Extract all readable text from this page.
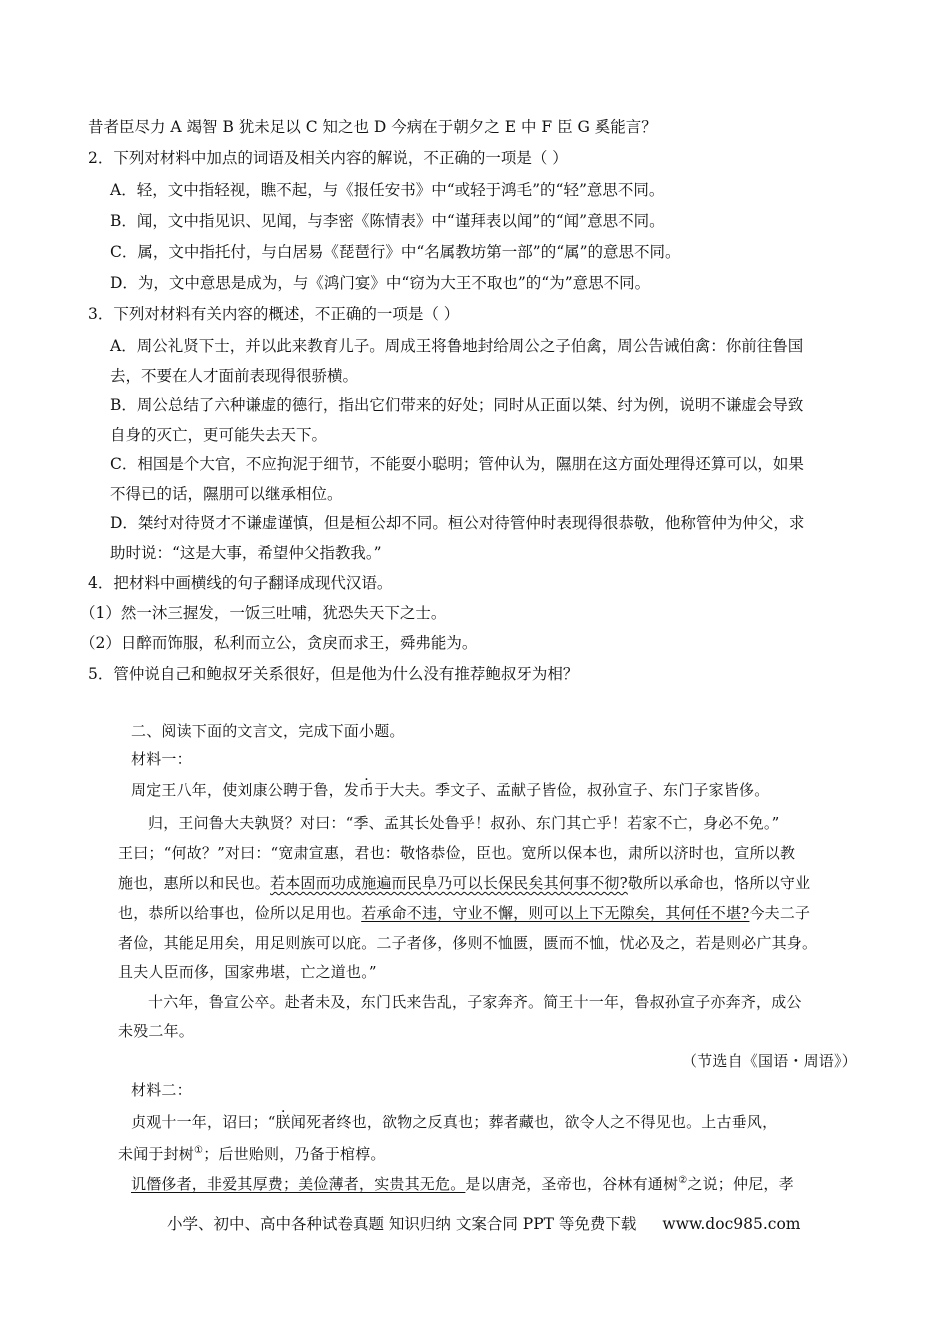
昔者臣尽力 A 竭智 B 犹未足以 C 知之也 D 今病在于朝夕之 E 中 F 臣 G 奚能言？
2．下列对材料中加点的词语及相关内容的解说，不正确的一项是（ ）
A．轻，文中指轻视，瞧不起，与《报任安书》中“或轻于鸿毛”的“轻”意思不同。
B．闻，文中指见识、见闻，与李密《陈情表》中“谨拜表以闻”的“闻”意思不同。
C．属，文中指托付，与白居易《琵琶行》中“名属教坊第一部”的“属”的意思不同。
D．为，文中意思是成为，与《鸿门宴》中“窃为大王不取也”的“为”意思不同。
3．下列对材料有关内容的概述，不正确的一项是（ ）
A．周公礼贤下士，并以此来教育儿子。周成王将鲁地封给周公之子伯禽，周公告诫伯禽：你前往鲁国
去，不要在人才面前表现得很骄横。
B．周公总结了六种谦虚的德行，指出它们带来的好处；同时从正面以桀、纣为例，说明不谦虚会导致
自身的灭亡，更可能失去天下。
C．相国是个大官，不应拘泥于细节，不能耍小聪明；管仲认为，隰朋在这方面处理得还算可以，如果
不得已的话，隰朋可以继承相位。
D．桀纣对待贤才不谦虚谨慎，但是桓公却不同。桓公对待管仲时表现得很恭敬，他称管仲为仲父，求
助时说：“这是大事，希望仲父指教我。”
4．把材料中画横线的句子翻译成现代汉语。
（1）然一沐三握发，一饭三吐哺，犹恐失天下之士。
（2）日醉而饰服，私利而立公，贪戾而求王，舜弗能为。
5．管仲说自己和鲍叔牙关系很好，但是他为什么没有推荐鲍叔牙为相？
二、阅读下面的文言文，完成下面小题。
材料一：
周定王八年，使刘康公聘于鲁，发币于大夫。季文子、孟献子皆俭，叔孙宣子、东门子家皆侈。
归，王问鲁大夫孰贤？对曰：“季、孟其长处鲁乎！叔孙、东门其亡乎！若家不亡，身必不免。”
王曰；“何故？”对曰：“宽肃宣惠，君也：敬恪恭俭，臣也。宽所以保本也，肃所以济时也，宣所以教
施也，惠所以和民也。若本固而功成施遍而民阜乃可以长保民矣其何事不彻?敬所以承命也，恪所以守业
也，恭所以给事也，俭所以足用也。若承命不违，守业不懈，则可以上下无隙矣，其何任不堪?今夫二子
者俭，其能足用矣，用足则族可以庇。二子者侈，侈则不恤匮，匮而不恤，忧必及之，若是则必广其身。
且夫人臣而侈，国家弗堪，亡之道也。”
十六年，鲁宣公卒。赴者未及，东门氏来告乱，子家奔齐。简王十一年，鲁叔孙宣子亦奔齐，成公
未殁二年。
（节选自《国语・周语》）
材料二：
贞观十一年，诏曰；“朕闻死者终也，欲物之反真也；葬者藏也，欲令人之不得见也。上古垂风，
未闻于封树①；后世贻则，乃备于棺椁。
讥僭侈者，非爱其厚费；美俭薄者，实贵其无危。是以唐尧，圣帝也，谷林有通树②之说；仲尼，孝
小学、初中、高中各种试卷真题 知识归纳 文案合同 PPT 等免费下载 www.doc985.com
